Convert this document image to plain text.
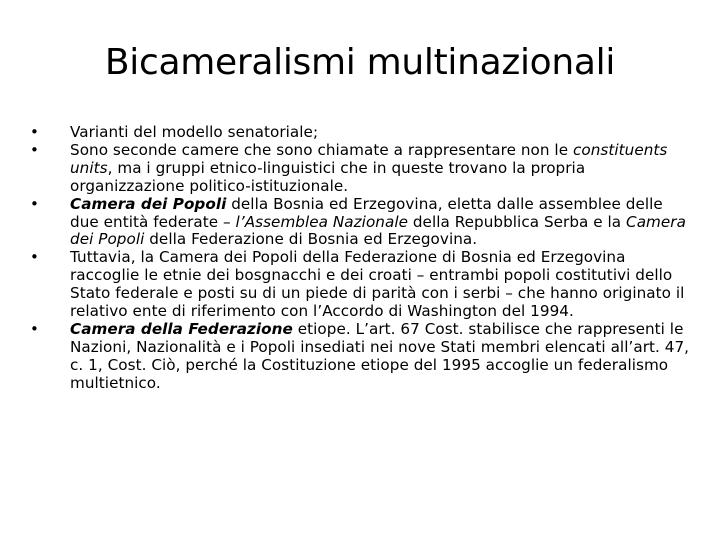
Bicameralismi multinazionali
• Varianti del modello senatoriale;
• Sono seconde camere che sono chiamate a rappresentare non le constituents units, ma i gruppi etnico-linguistici che in queste trovano la propria organizzazione politico-istituzionale.
• Camera dei Popoli della Bosnia ed Erzegovina, eletta dalle assemblee delle due entità federate – l’Assemblea Nazionale della Repubblica Serba e la Camera dei Popoli della Federazione di Bosnia ed Erzegovina.
• Tuttavia, la Camera dei Popoli della Federazione di Bosnia ed Erzegovina raccoglie le etnie dei bosgnacchi e dei croati – entrambi popoli costitutivi dello Stato federale e posti su di un piede di parità con i serbi – che hanno originato il relativo ente di riferimento con l’Accordo di Washington del 1994.
• Camera della Federazione etiope. L’art. 67 Cost. stabilisce che rappresenti le Nazioni, Nazionalità e i Popoli insediati nei nove Stati membri elencati all’art. 47, c. 1, Cost. Ciò, perché la Costituzione etiope del 1995 accoglie un federalismo multietnico.
